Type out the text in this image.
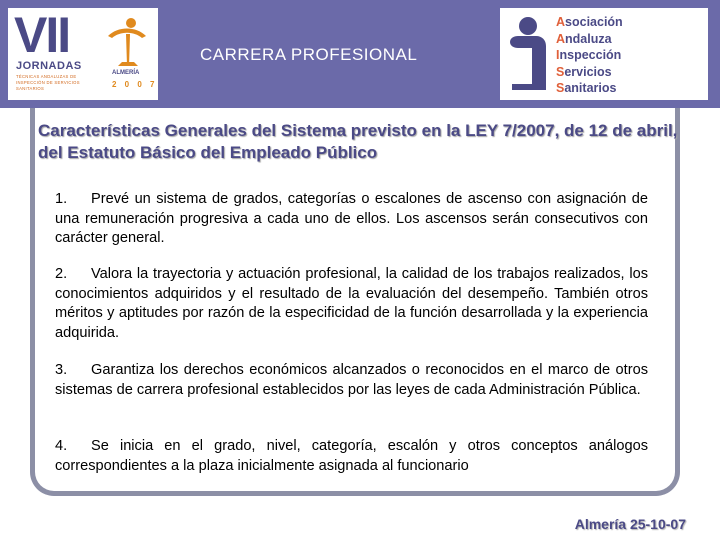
VII
JORNADAS
TÉCNICAS ANDALUZAS DE INSPECCIÓN DE SERVICIOS SANITARIOS
ALMERÍA
2 0 0 7
CARRERA PROFESIONAL
Asociación
Andaluza
Inspección
Servicios
Sanitarios
Características Generales del Sistema previsto en la LEY 7/2007, de 12 de abril, del Estatuto Básico del Empleado Público
1. Prevé un sistema de grados, categorías o escalones de ascenso con asignación de una remuneración progresiva a cada uno de ellos. Los ascensos serán consecutivos con carácter general.
2. Valora la trayectoria y actuación profesional, la calidad de los trabajos realizados, los conocimientos adquiridos y el resultado de la evaluación del desempeño. También otros méritos y aptitudes por razón de la especificidad de la función desarrollada y la experiencia adquirida.
3. Garantiza los derechos económicos alcanzados o reconocidos en el marco de otros sistemas de carrera profesional establecidos por las leyes de cada Administración Pública.
4. Se inicia en el grado, nivel, categoría, escalón y otros conceptos análogos correspondientes a la plaza inicialmente asignada al funcionario
Almería 25-10-07
